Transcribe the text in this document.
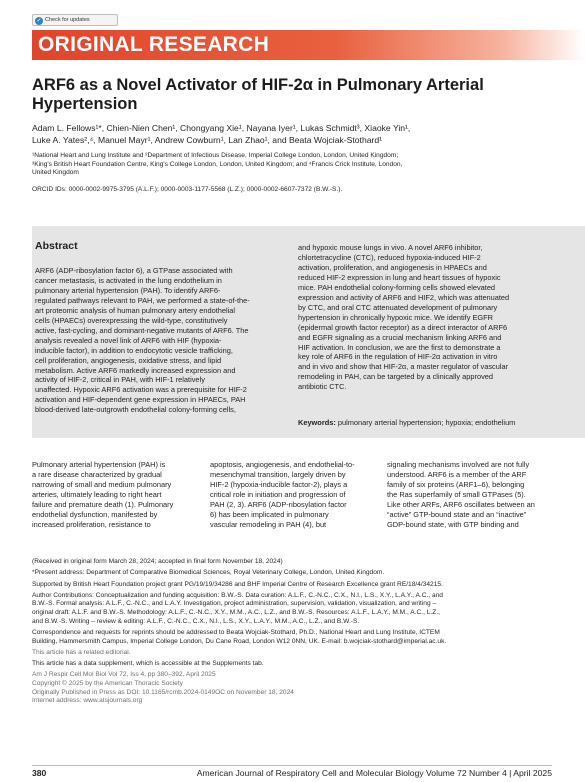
✓ Check for updates
ORIGINAL RESEARCH
ARF6 as a Novel Activator of HIF-2α in Pulmonary Arterial Hypertension
Adam L. Fellows¹*, Chien-Nien Chen¹, Chongyang Xie¹, Nayana Iyer¹, Lukas Schmidt³, Xiaoke Yin¹,
Luke A. Yates²,⁴, Manuel Mayr¹, Andrew Cowburn¹, Lan Zhao¹, and Beata Wojciak-Stothard¹
¹National Heart and Lung Institute and ²Department of Infectious Disease, Imperial College London, London, United Kingdom;
³King's British Heart Foundation Centre, King's College London, London, United Kingdom; and ⁴Francis Crick Institute, London,
United Kingdom
ORCID IDs: 0000-0002-9975-3795 (A.L.F.); 0000-0003-1177-5568 (L.Z.); 0000-0002-6607-7372 (B.W.-S.).
Abstract
ARF6 (ADP-ribosylation factor 6), a GTPase associated with
cancer metastasis, is activated in the lung endothelium in
pulmonary arterial hypertension (PAH). To identify ARF6-
regulated pathways relevant to PAH, we performed a state-of-the-
art proteomic analysis of human pulmonary artery endothelial
cells (HPAECs) overexpressing the wild-type, constitutively
active, fast-cycling, and dominant-negative mutants of ARF6. The
analysis revealed a novel link of ARF6 with HIF (hypoxia-
inducible factor), in addition to endocytotic vesicle trafficking,
cell proliferation, angiogenesis, oxidative stress, and lipid
metabolism. Active ARF6 markedly increased expression and
activity of HIF-2, critical in PAH, with HIF-1 relatively
unaffected. Hypoxic ARF6 activation was a prerequisite for HIF-2
activation and HIF-dependent gene expression in HPAECs, PAH
blood-derived late-outgrowth endothelial colony-forming cells,
and hypoxic mouse lungs in vivo. A novel ARF6 inhibitor,
chlortetracycline (CTC), reduced hypoxia-induced HIF-2
activation, proliferation, and angiogenesis in HPAECs and
reduced HIF-2 expression in lung and heart tissues of hypoxic
mice. PAH endothelial colony-forming cells showed elevated
expression and activity of ARF6 and HIF2, which was attenuated
by CTC, and oral CTC attenuated development of pulmonary
hypertension in chronically hypoxic mice. We identify EGFR
(epidermal growth factor receptor) as a direct interactor of ARF6
and EGFR signaling as a crucial mechanism linking ARF6 and
HIF activation. In conclusion, we are the first to demonstrate a
key role of ARF6 in the regulation of HIF-2α activation in vitro
and in vivo and show that HIF-2α, a master regulator of vascular
remodeling in PAH, can be targeted by a clinically approved
antibiotic CTC.
Keywords: pulmonary arterial hypertension; hypoxia; endothelium
Pulmonary arterial hypertension (PAH) is
a rare disease characterized by gradual
narrowing of small and medium pulmonary
arteries, ultimately leading to right heart
failure and premature death (1). Pulmonary
endothelial dysfunction, manifested by
increased proliferation, resistance to
apoptosis, angiogenesis, and endothelial-to-
mesenchymal transition, largely driven by
HIF-2 (hypoxia-inducible factor-2), plays a
critical role in initiation and progression of
PAH (2, 3). ARF6 (ADP-ribosylation factor
6) has been implicated in pulmonary
vascular remodeling in PAH (4), but
signaling mechanisms involved are not fully
understood. ARF6 is a member of the ARF
family of six proteins (ARF1–6), belonging
the Ras superfamily of small GTPases (5).
Like other ARFs, ARF6 oscillates between an
“active” GTP-bound state and an “inactive”
GDP-bound state, with GTP binding and

(Received in original form March 28, 2024; accepted in final form November 18, 2024)

*Present address: Department of Comparative Biomedical Sciences, Royal Veterinary College, London, United Kingdom.

Supported by British Heart Foundation project grant PG/19/19/34286 and BHF Imperial Centre of Research Excellence grant RE/18/4/34215.

Author Contributions: Conceptualization and funding acquisition: B.W.-S. Data curation: A.L.F., C.-N.C., C.X., N.I., L.S., X.Y., L.A.Y., A.C., and
B.W.-S. Formal analysis: A.L.F., C.-N.C., and L.A.Y. Investigation, project administration, supervision, validation, visualization, and writing –
original draft: A.L.F. and B.W.-S. Methodology: A.L.F., C.-N.C., X.Y., M.M., A.C., L.Z., and B.W.-S. Resources: A.L.F., L.A.Y., M.M., A.C., L.Z.,
and B.W.-S. Writing – review & editing: A.L.F., C.-N.C., C.X., N.I., L.S., X.Y., L.A.Y., M.M., A.C., L.Z., and B.W.-S.

Correspondence and requests for reprints should be addressed to Beata Wojciak-Stothard, Ph.D., National Heart and Lung Institute, ICTEM
Building, Hammersmith Campus, Imperial College London, Du Cane Road, London W12 0NN, UK. E-mail: b.wojciak-stothard@imperial.ac.uk.

This article has a related editorial.

This article has a data supplement, which is accessible at the Supplements tab.

Am J Respir Cell Mol Biol Vol 72, Iss 4, pp 380–392, April 2025
Copyright © 2025 by the American Thoracic Society
Originally Published in Press as DOI: 10.1165/rcmb.2024-0149OC on November 18, 2024
Internet address: www.atsjournals.org
380	American Journal of Respiratory Cell and Molecular Biology Volume 72 Number 4 | April 2025
